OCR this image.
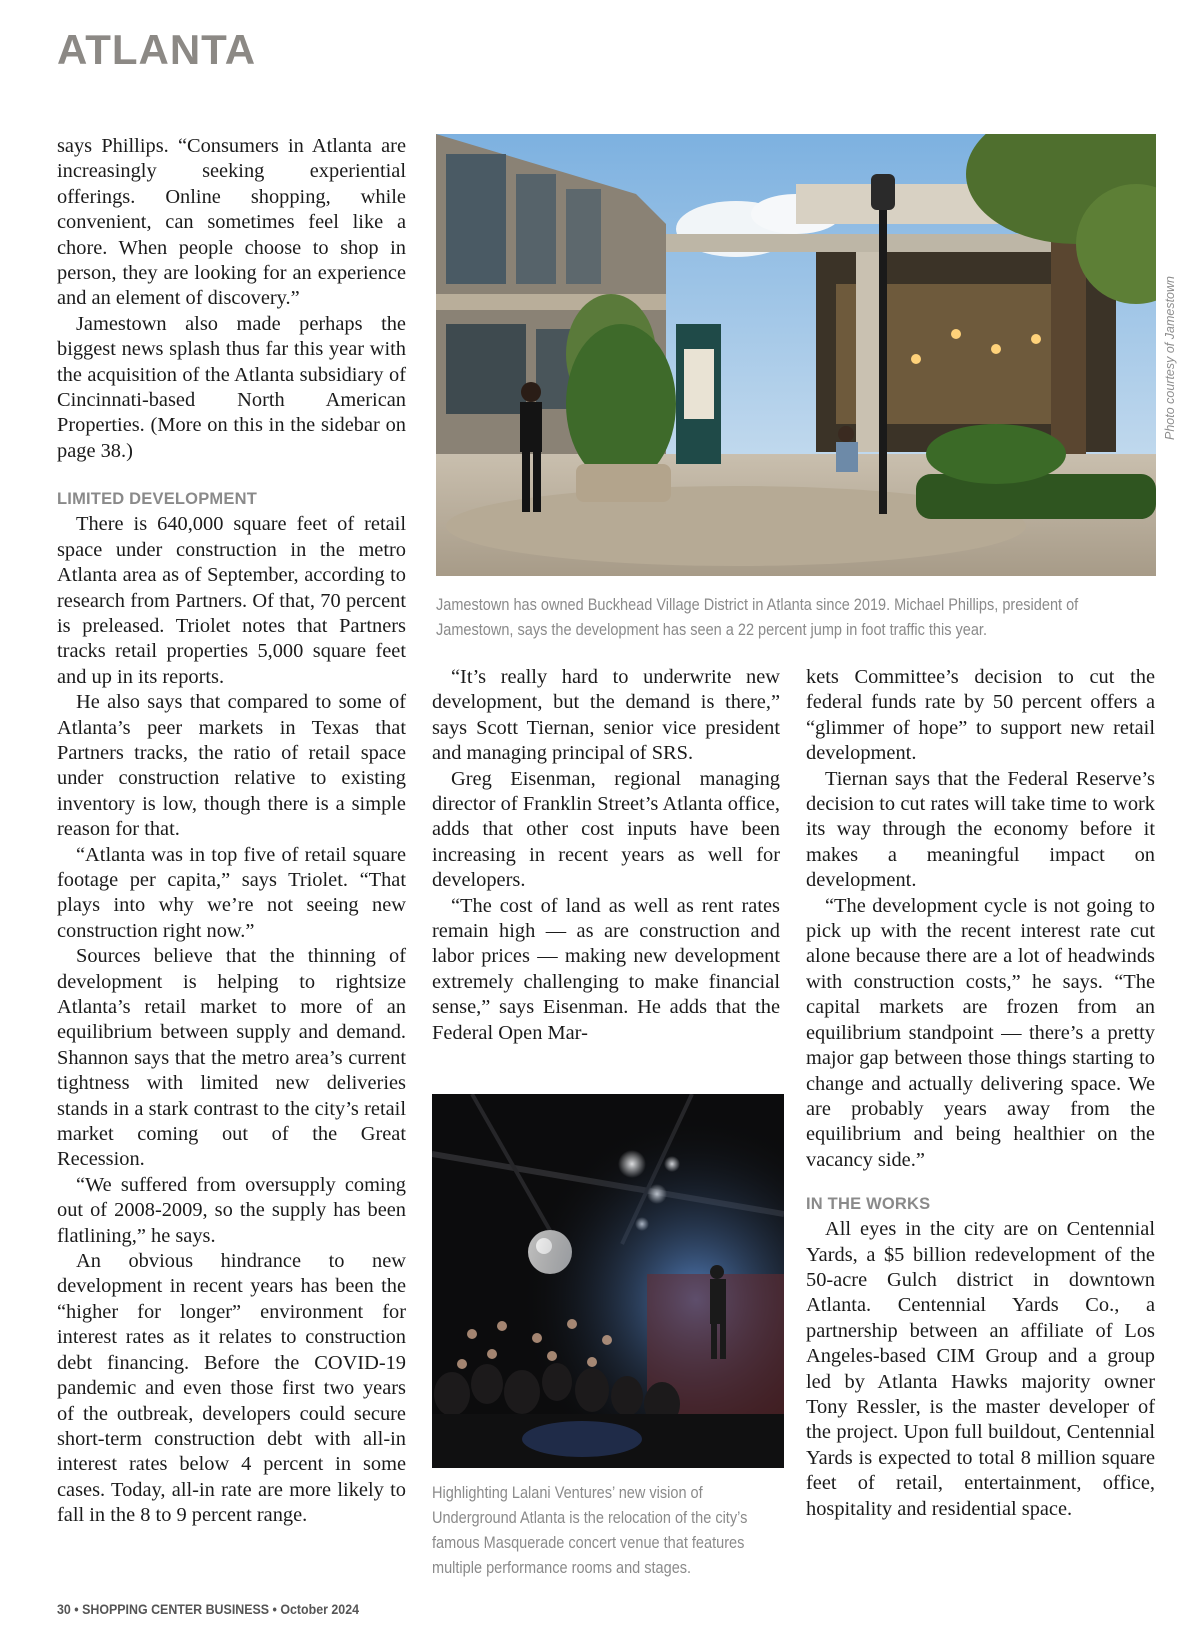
ATLANTA

says Phillips. “Consumers in Atlanta are increasingly seeking experiential offerings. Online shopping, while convenient, can sometimes feel like a chore. When people choose to shop in person, they are looking for an experience and an element of discovery.”

Jamestown also made perhaps the biggest news splash thus far this year with the acquisition of the Atlanta subsidiary of Cincinnati-based North American Properties. (More on this in the sidebar on page 38.)

LIMITED DEVELOPMENT

There is 640,000 square feet of retail space under construction in the metro Atlanta area as of September, according to research from Partners. Of that, 70 percent is preleased. Triolet notes that Partners tracks retail properties 5,000 square feet and up in its reports.

He also says that compared to some of Atlanta’s peer markets in Texas that Partners tracks, the ratio of retail space under construction relative to existing inventory is low, though there is a simple reason for that.

“Atlanta was in top five of retail square footage per capita,” says Triolet. “That plays into why we’re not seeing new construction right now.”

Sources believe that the thinning of development is helping to rightsize Atlanta’s retail market to more of an equilibrium between supply and demand. Shannon says that the metro area’s current tightness with limited new deliveries stands in a stark contrast to the city’s retail market coming out of the Great Recession.

“We suffered from oversupply coming out of 2008-2009, so the supply has been flatlining,” he says.

An obvious hindrance to new development in recent years has been the “higher for longer” environment for interest rates as it relates to construction debt financing. Before the COVID-19 pandemic and even those first two years of the outbreak, developers could secure short-term construction debt with all-in interest rates below 4 percent in some cases. Today, all-in rate are more likely to fall in the 8 to 9 percent range.

Photo courtesy of Jamestown

Jamestown has owned Buckhead Village District in Atlanta since 2019. Michael Phillips, president of Jamestown, says the development has seen a 22 percent jump in foot traffic this year.

“It’s really hard to underwrite new development, but the demand is there,” says Scott Tiernan, senior vice president and managing principal of SRS.

Greg Eisenman, regional managing director of Franklin Street’s Atlanta office, adds that other cost inputs have been increasing in recent years as well for developers.

“The cost of land as well as rent rates remain high — as are construction and labor prices — making new development extremely challenging to make financial sense,” says Eisenman. He adds that the Federal Open Mar-

Highlighting Lalani Ventures’ new vision of Underground Atlanta is the relocation of the city’s famous Masquerade concert venue that features multiple performance rooms and stages.

kets Committee’s decision to cut the federal funds rate by 50 percent offers a “glimmer of hope” to support new retail development.

Tiernan says that the Federal Reserve’s decision to cut rates will take time to work its way through the economy before it makes a meaningful impact on development.

“The development cycle is not going to pick up with the recent interest rate cut alone because there are a lot of headwinds with construction costs,” he says. “The capital markets are frozen from an equilibrium standpoint — there’s a pretty major gap between those things starting to change and actually delivering space. We are probably years away from the equilibrium and being healthier on the vacancy side.”

IN THE WORKS

All eyes in the city are on Centennial Yards, a $5 billion redevelopment of the 50-acre Gulch district in downtown Atlanta. Centennial Yards Co., a partnership between an affiliate of Los Angeles-based CIM Group and a group led by Atlanta Hawks majority owner Tony Ressler, is the master developer of the project. Upon full buildout, Centennial Yards is expected to total 8 million square feet of retail, entertainment, office, hospitality and residential space.

30 • SHOPPING CENTER BUSINESS • October 2024
